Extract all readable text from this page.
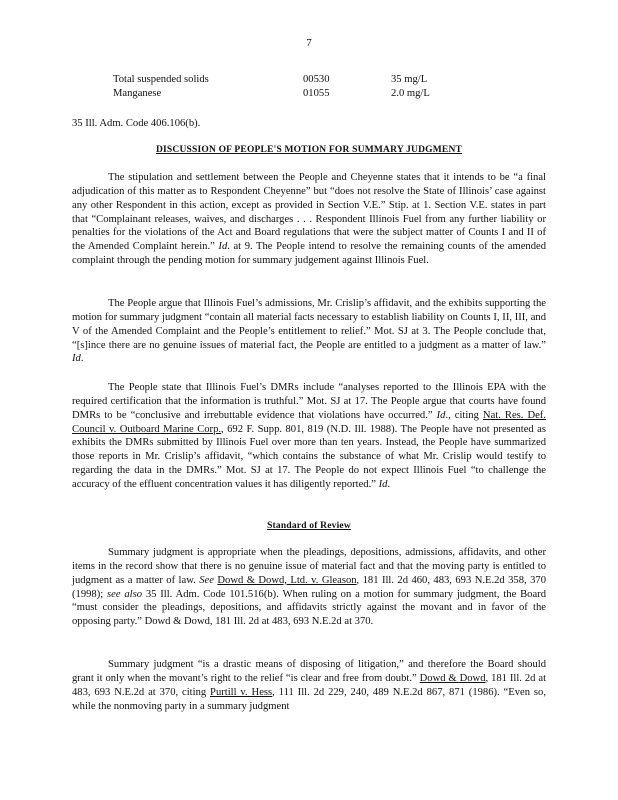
7
Total suspended solids	00530	35 mg/L
Manganese	01055	2.0 mg/L
35 Ill. Adm. Code 406.106(b).
DISCUSSION OF PEOPLE'S MOTION FOR SUMMARY JUDGMENT
The stipulation and settlement between the People and Cheyenne states that it intends to be “a final adjudication of this matter as to Respondent Cheyenne” but “does not resolve the State of Illinois’ case against any other Respondent in this action, except as provided in Section V.E.” Stip. at 1. Section V.E. states in part that “Complainant releases, waives, and discharges . . . Respondent Illinois Fuel from any further liability or penalties for the violations of the Act and Board regulations that were the subject matter of Counts I and II of the Amended Complaint herein.” Id. at 9. The People intend to resolve the remaining counts of the amended complaint through the pending motion for summary judgement against Illinois Fuel.
The People argue that Illinois Fuel’s admissions, Mr. Crislip’s affidavit, and the exhibits supporting the motion for summary judgment “contain all material facts necessary to establish liability on Counts I, II, III, and V of the Amended Complaint and the People’s entitlement to relief.” Mot. SJ at 3. The People conclude that, “[s]ince there are no genuine issues of material fact, the People are entitled to a judgment as a matter of law.” Id.
The People state that Illinois Fuel’s DMRs include “analyses reported to the Illinois EPA with the required certification that the information is truthful.” Mot. SJ at 17. The People argue that courts have found DMRs to be “conclusive and irrebuttable evidence that violations have occurred.” Id., citing Nat. Res. Def. Council v. Outboard Marine Corp., 692 F. Supp. 801, 819 (N.D. Ill. 1988). The People have not presented as exhibits the DMRs submitted by Illinois Fuel over more than ten years. Instead, the People have summarized those reports in Mr. Crislip’s affidavit, “which contains the substance of what Mr. Crislip would testify to regarding the data in the DMRs.” Mot. SJ at 17. The People do not expect Illinois Fuel “to challenge the accuracy of the effluent concentration values it has diligently reported.” Id.
Standard of Review
Summary judgment is appropriate when the pleadings, depositions, admissions, affidavits, and other items in the record show that there is no genuine issue of material fact and that the moving party is entitled to judgment as a matter of law. See Dowd & Dowd, Ltd. v. Gleason, 181 Ill. 2d 460, 483, 693 N.E.2d 358, 370 (1998); see also 35 Ill. Adm. Code 101.516(b). When ruling on a motion for summary judgment, the Board “must consider the pleadings, depositions, and affidavits strictly against the movant and in favor of the opposing party.” Dowd & Dowd, 181 Ill. 2d at 483, 693 N.E.2d at 370.
Summary judgment “is a drastic means of disposing of litigation,” and therefore the Board should grant it only when the movant’s right to the relief “is clear and free from doubt.” Dowd & Dowd, 181 Ill. 2d at 483, 693 N.E.2d at 370, citing Purtill v. Hess, 111 Ill. 2d 229, 240, 489 N.E.2d 867, 871 (1986). “Even so, while the nonmoving party in a summary judgment
